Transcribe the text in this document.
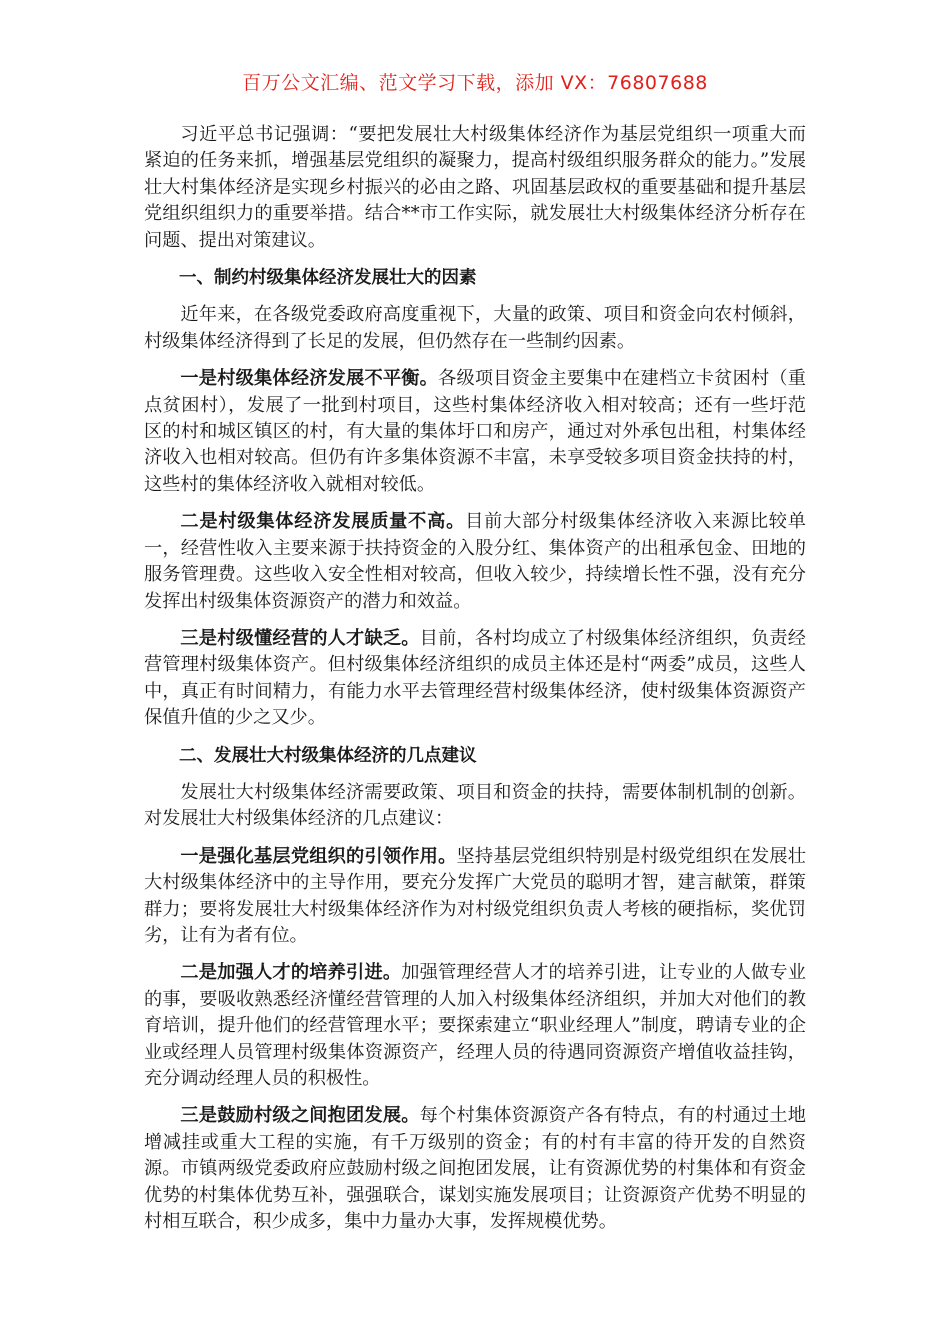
百万公文汇编、范文学习下载，添加 VX：76807688

习近平总书记强调：“要把发展壮大村级集体经济作为基层党组织一项重大而紧迫的任务来抓，增强基层党组织的凝聚力，提高村级组织服务群众的能力。”发展壮大村集体经济是实现乡村振兴的必由之路、巩固基层政权的重要基础和提升基层党组织组织力的重要举措。结合**市工作实际，就发展壮大村级集体经济分析存在问题、提出对策建议。

一、制约村级集体经济发展壮大的因素

近年来，在各级党委政府高度重视下，大量的政策、项目和资金向农村倾斜，村级集体经济得到了长足的发展，但仍然存在一些制约因素。

一是村级集体经济发展不平衡。各级项目资金主要集中在建档立卡贫困村（重点贫困村），发展了一批到村项目，这些村集体经济收入相对较高；还有一些圩范区的村和城区镇区的村，有大量的集体圩口和房产，通过对外承包出租，村集体经济收入也相对较高。但仍有许多集体资源不丰富，未享受较多项目资金扶持的村，这些村的集体经济收入就相对较低。

二是村级集体经济发展质量不高。目前大部分村级集体经济收入来源比较单一，经营性收入主要来源于扶持资金的入股分红、集体资产的出租承包金、田地的服务管理费。这些收入安全性相对较高，但收入较少，持续增长性不强，没有充分发挥出村级集体资源资产的潜力和效益。

三是村级懂经营的人才缺乏。目前，各村均成立了村级集体经济组织，负责经营管理村级集体资产。但村级集体经济组织的成员主体还是村“两委”成员，这些人中，真正有时间精力，有能力水平去管理经营村级集体经济，使村级集体资源资产保值升值的少之又少。

二、发展壮大村级集体经济的几点建议

发展壮大村级集体经济需要政策、项目和资金的扶持，需要体制机制的创新。对发展壮大村级集体经济的几点建议：

一是强化基层党组织的引领作用。坚持基层党组织特别是村级党组织在发展壮大村级集体经济中的主导作用，要充分发挥广大党员的聪明才智，建言献策，群策群力；要将发展壮大村级集体经济作为对村级党组织负责人考核的硬指标，奖优罚劣，让有为者有位。

二是加强人才的培养引进。加强管理经营人才的培养引进，让专业的人做专业的事，要吸收熟悉经济懂经营管理的人加入村级集体经济组织，并加大对他们的教育培训，提升他们的经营管理水平；要探索建立“职业经理人”制度，聘请专业的企业或经理人员管理村级集体资源资产，经理人员的待遇同资源资产增值收益挂钩，充分调动经理人员的积极性。

三是鼓励村级之间抱团发展。每个村集体资源资产各有特点，有的村通过土地增减挂或重大工程的实施，有千万级别的资金；有的村有丰富的待开发的自然资源。市镇两级党委政府应鼓励村级之间抱团发展，让有资源优势的村集体和有资金优势的村集体优势互补，强强联合，谋划实施发展项目；让资源资产优势不明显的村相互联合，积少成多，集中力量办大事，发挥规模优势。
